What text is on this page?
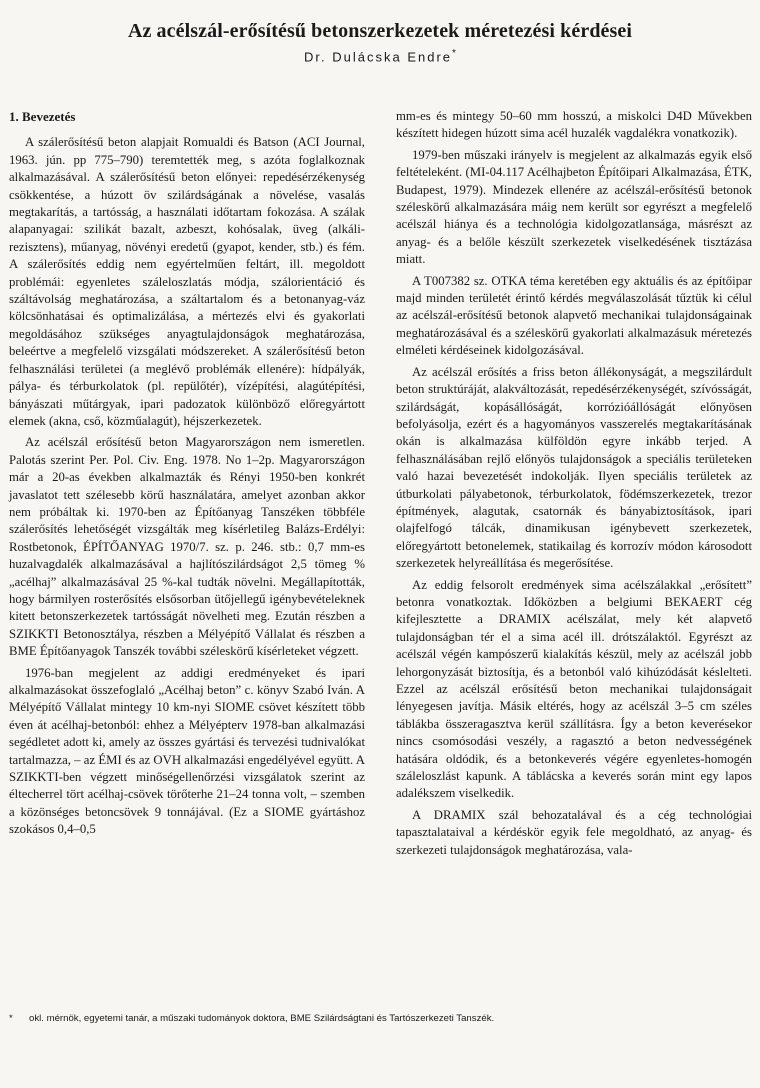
Az acélszál-erősítésű betonszerkezetek méretezési kérdései
Dr. Dulácska Endre*
1. Bevezetés

A szálerősítésű beton alapjait Romualdi és Batson (ACI Journal, 1963. jún. pp 775–790) teremtették meg, s azóta foglalkoznak alkalmazásával. A szálerősítésű beton előnyei: repedésérzékenység csökkentése, a húzott öv szilárdságának a növelése, vasalás megtakarítás, a tartósság, a használati időtartam fokozása. A szálak alapanyagai: szilikát bazalt, azbeszt, kohósalak, üveg (alkáli-rezisztens), műanyag, növényi eredetű (gyapot, kender, stb.) és fém. A szálerősítés eddig nem egyértelműen feltárt, ill. megoldott problémái: egyenletes száleloszlatás módja, szálorientáció és száltávolság meghatározása, a száltartalom és a betonanyag-váz kölcsönhatásai és optimalizálása, a mértezés elvi és gyakorlati megoldásához szükséges anyagtulajdonságok meghatározása, beleértve a megfelelő vizsgálati módszereket. A szálerősítésű beton felhasználási területei (a meglévő problémák ellenére): hídpályák, pálya- és térburkolatok (pl. repülőtér), vízépítési, alagútépítési, bányászati műtárgyak, ipari padozatok különböző előregyártott elemek (akna, cső, közműalagút), héjszerkezetek.

Az acélszál erősítésű beton Magyarországon nem ismeretlen. Palotás szerint Per. Pol. Civ. Eng. 1978. No 1–2p. Magyarországon már a 20-as években alkalmazták és Rényi 1950-ben konkrét javaslatot tett szélesebb körű használatára, amelyet azonban akkor nem próbáltak ki. 1970-ben az Építőanyag Tanszéken többféle szálerősítés lehetőségét vizsgálták meg kísérletileg Balázs-Erdélyi: Rostbetonok, ÉPÍTŐANYAG 1970/7. sz. p. 246. stb.: 0,7 mm-es huzalvagdalék alkalmazásával a hajlítószilárdságot 2,5 tömeg % „acélhaj” alkalmazásával 25 %-kal tudták növelni. Megállapították, hogy bármilyen rosterősítés elsősorban ütőjellegű igénybevételeknek kitett betonszerkezetek tartósságát növelheti meg. Ezután részben a SZIKKTI Betonosztálya, részben a Mélyépítő Vállalat és részben a BME Építőanyagok Tanszék további széleskörű kísérleteket végzett.

1976-ban megjelent az addigi eredményeket és ipari alkalmazásokat összefoglaló „Acélhaj beton” c. könyv Szabó Iván. A Mélyépítő Vállalat mintegy 10 km-nyi SIOME csövet készített több éven át acélhaj-betonból: ehhez a Mélyépterv 1978-ban alkalmazási segédletet adott ki, amely az összes gyártási és tervezési tudnivalókat tartalmazza, – az ÉMI és az OVH alkalmazási engedélyével együtt. A SZIKKTI-ben végzett minőségellenőrzési vizsgálatok szerint az éltecherrel tört acélhaj-csövek törőterhe 21–24 tonna volt, – szemben a közönséges betoncsövek 9 tonnájával. (Ez a SIOME gyártáshoz szokásos 0,4–0,5

mm-es és mintegy 50–60 mm hosszú, a miskolci D4D Művekben készített hidegen húzott sima acél huzalék vagdalékra vonatkozik).

1979-ben műszaki irányelv is megjelent az alkalmazás egyik első feltételeként. (MI-04.117 Acélhajbeton Építőipari Alkalmazása, ÉTK, Budapest, 1979). Mindezek ellenére az acélszál-erősítésű betonok széleskörű alkalmazására máig nem került sor egyrészt a megfelelő acélszál hiánya és a technológia kidolgozatlansága, másrészt az anyag- és a belőle készült szerkezetek viselkedésének tisztázása miatt.

A T007382 sz. OTKA téma keretében egy aktuális és az építőipar majd minden területét érintő kérdés megválaszolását tűztük ki célul az acélszál-erősítésű betonok alapvető mechanikai tulajdonságainak meghatározásával és a széleskörű gyakorlati alkalmazásuk méretezés elméleti kérdéseinek kidolgozásával.

Az acélszál erősítés a friss beton állékonyságát, a megszilárdult beton struktúráját, alakváltozását, repedésérzékenységét, szívósságát, szilárdságát, kopásállóságát, korrózióállóságát előnyösen befolyásolja, ezért és a hagyományos vasszerelés megtakarításának okán is alkalmazása külföldön egyre inkább terjed. A felhasználásában rejlő előnyös tulajdonságok a speciális területeken való hazai bevezetését indokolják. Ilyen speciális területek az útburkolati pályabetonok, térburkolatok, födémszerkezetek, trezor építmények, alagutak, csatornák és bányabiztosítások, ipari olajfelfogó tálcák, dinamikusan igénybevett szerkezetek, előregyártott betonelemek, statikailag és korrozív módon károsodott szerkezetek helyreállítása és megerősítése.

Az eddig felsorolt eredmények sima acélszálakkal „erősített” betonra vonatkoztak. Időközben a belgiumi BEKAERT cég kifejlesztette a DRAMIX acélszálat, mely két alapvető tulajdonságban tér el a sima acél ill. drótszálaktól. Egyrészt az acélszál végén kampószerű kialakítás készül, mely az acélszál jobb lehorgonyzását biztosítja, és a betonból való kihúzódását késlelteti. Ezzel az acélszál erősítésű beton mechanikai tulajdonságait lényegesen javítja. Másik eltérés, hogy az acélszál 3–5 cm széles táblákba összeragasztva kerül szállításra. Így a beton keverésekor nincs csomósodási veszély, a ragasztó a beton nedvességének hatására oldódik, és a betonkeverés végére egyenletes-homogén száleloszlást kapunk. A táblácska a keverés során mint egy lapos adalékszem viselkedik.

A DRAMIX szál behozatalával és a cég technológiai tapasztalataival a kérdéskör egyik fele megoldható, az anyag- és szerkezeti tulajdonságok meghatározása, vala-

* okl. mérnök, egyetemi tanár, a műszaki tudományok doktora, BME Szilárdságtani és Tartószerkezeti Tanszék.
